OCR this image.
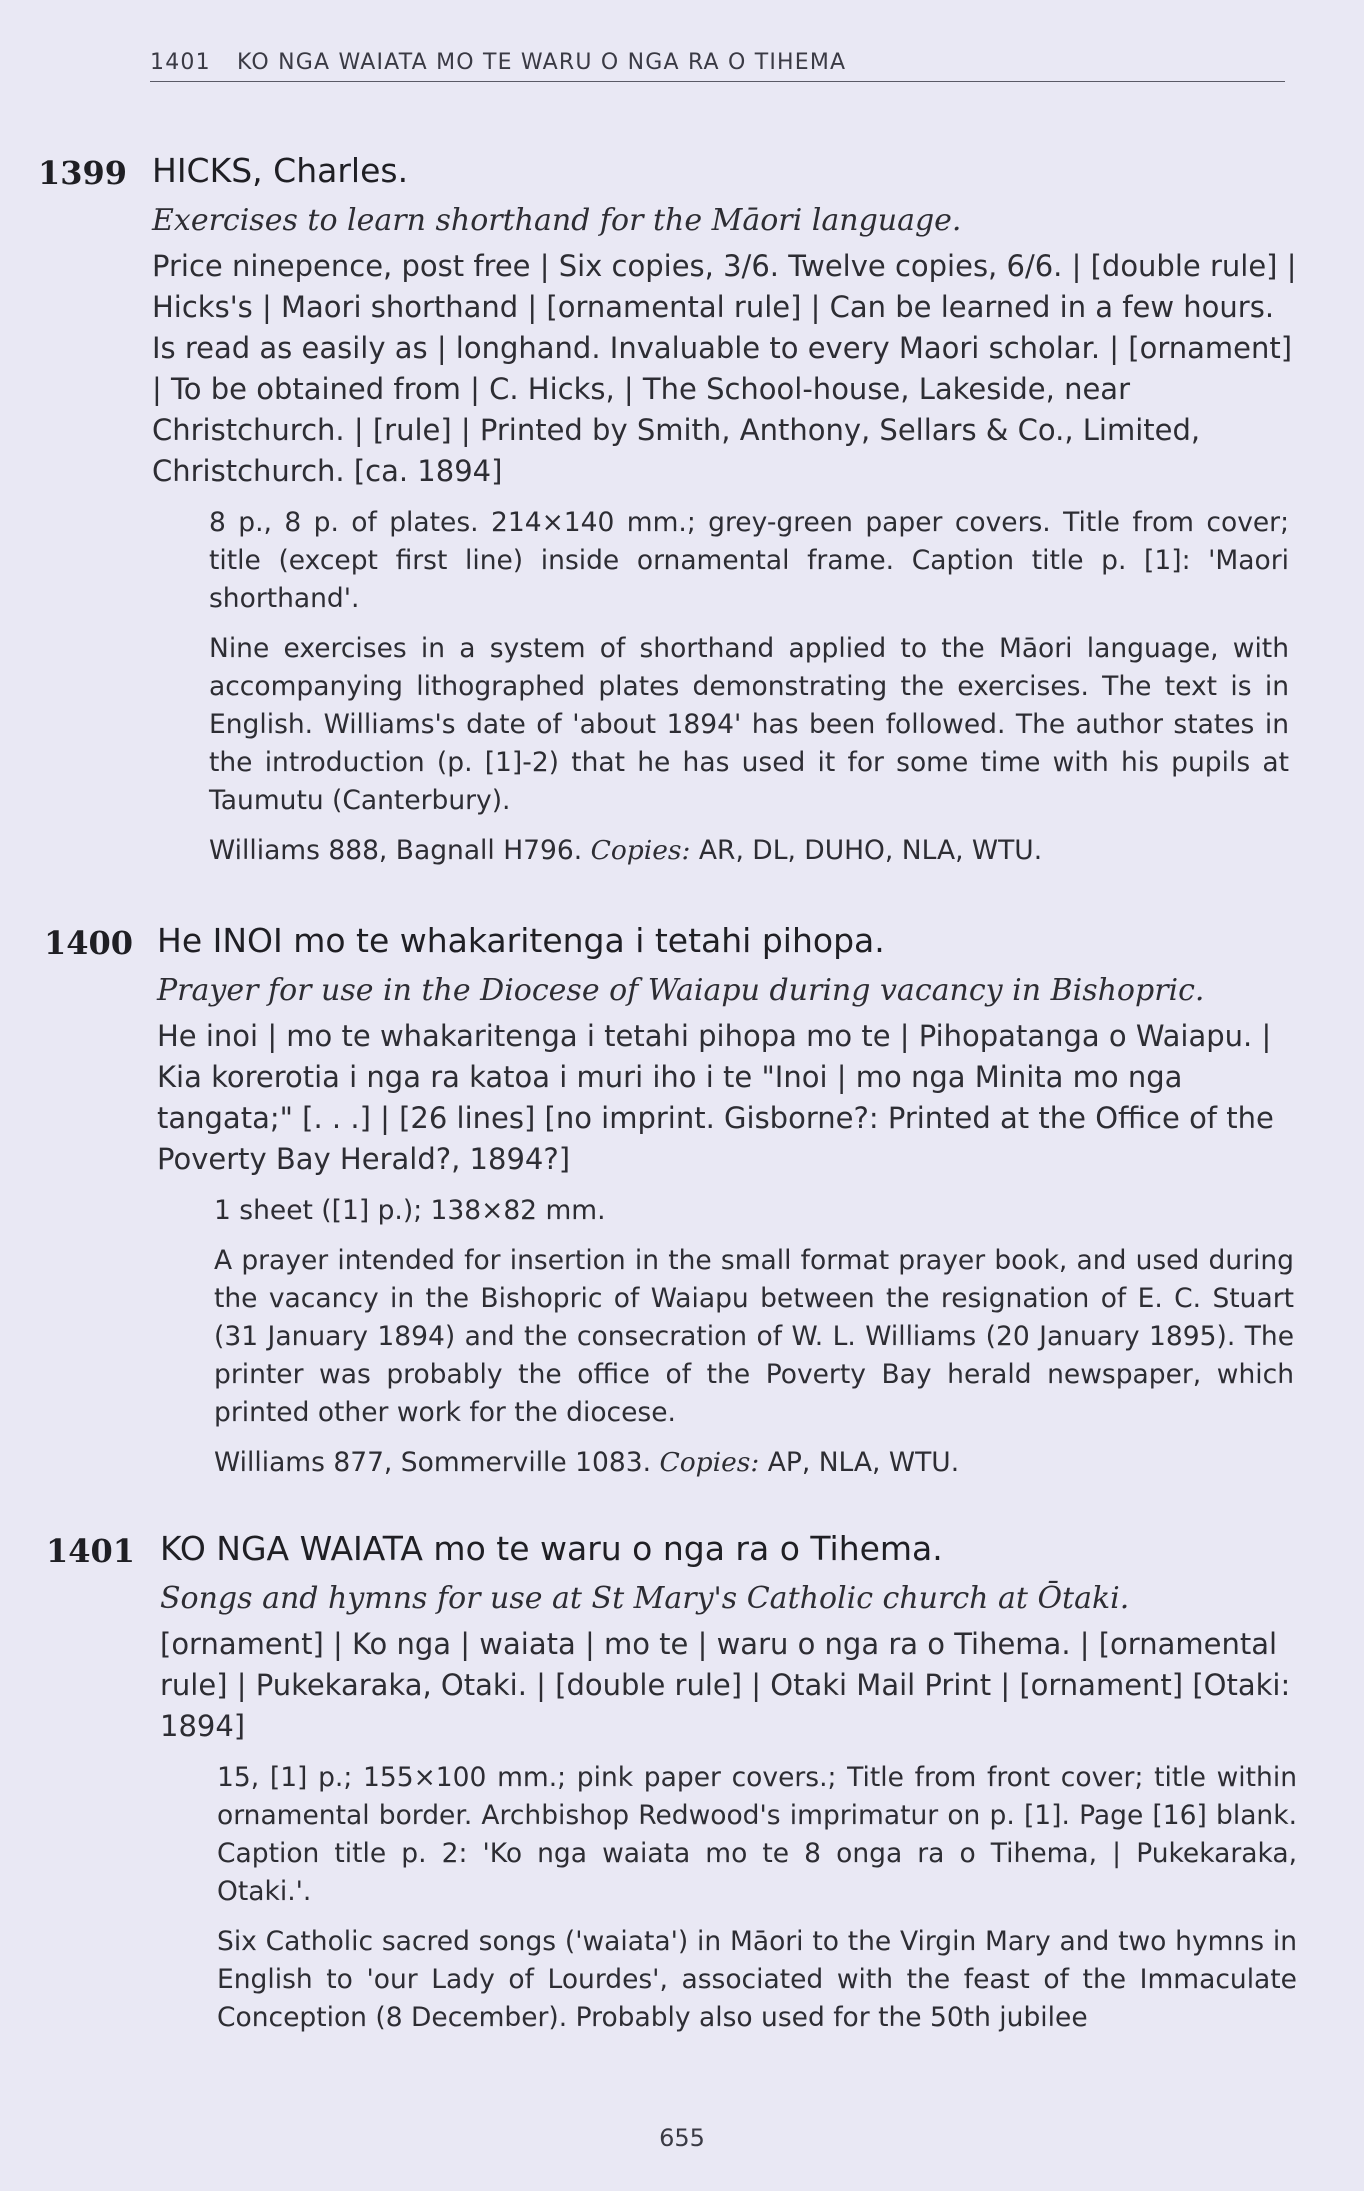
1401 KO NGA WAIATA MO TE WARU O NGA RA O TIHEMA
1399 HICKS, Charles.

Exercises to learn shorthand for the Māori language.

Price ninepence, post free | Six copies, 3/6. Twelve copies, 6/6. | [double rule] | Hicks's | Maori shorthand | [ornamental rule] | Can be learned in a few hours. Is read as easily as | longhand. Invaluable to every Maori scholar. | [ornament] | To be obtained from | C. Hicks, | The School-house, Lakeside, near Christchurch. | [rule] | Printed by Smith, Anthony, Sellars & Co., Limited, Christchurch. [ca. 1894]

8 p., 8 p. of plates. 214×140 mm.; grey-green paper covers. Title from cover; title (except first line) inside ornamental frame. Caption title p. [1]: 'Maori shorthand'.

Nine exercises in a system of shorthand applied to the Māori language, with accompanying lithographed plates demonstrating the exercises. The text is in English. Williams's date of 'about 1894' has been followed. The author states in the introduction (p. [1]-2) that he has used it for some time with his pupils at Taumutu (Canterbury).

Williams 888, Bagnall H796. Copies: AR, DL, DUHO, NLA, WTU.

1400 He INOI mo te whakaritenga i tetahi pihopa.

Prayer for use in the Diocese of Waiapu during vacancy in Bishopric.

He inoi | mo te whakaritenga i tetahi pihopa mo te | Pihopatanga o Waiapu. | Kia korerotia i nga ra katoa i muri iho i te "Inoi | mo nga Minita mo nga tangata;" [. . .] | [26 lines] [no imprint. Gisborne?: Printed at the Office of the Poverty Bay Herald?, 1894?]

1 sheet ([1] p.); 138×82 mm.

A prayer intended for insertion in the small format prayer book, and used during the vacancy in the Bishopric of Waiapu between the resignation of E. C. Stuart (31 January 1894) and the consecration of W. L. Williams (20 January 1895). The printer was probably the office of the Poverty Bay herald newspaper, which printed other work for the diocese.

Williams 877, Sommerville 1083. Copies: AP, NLA, WTU.

1401 KO NGA WAIATA mo te waru o nga ra o Tihema.

Songs and hymns for use at St Mary's Catholic church at Ōtaki.

[ornament] | Ko nga | waiata | mo te | waru o nga ra o Tihema. | [ornamental rule] | Pukekaraka, Otaki. | [double rule] | Otaki Mail Print | [ornament] [Otaki: 1894]

15, [1] p.; 155×100 mm.; pink paper covers.; Title from front cover; title within ornamental border. Archbishop Redwood's imprimatur on p. [1]. Page [16] blank. Caption title p. 2: 'Ko nga waiata mo te 8 onga ra o Tihema, | Pukekaraka, Otaki.'.

Six Catholic sacred songs ('waiata') in Māori to the Virgin Mary and two hymns in English to 'our Lady of Lourdes', associated with the feast of the Immaculate Conception (8 December). Probably also used for the 50th jubilee

655
